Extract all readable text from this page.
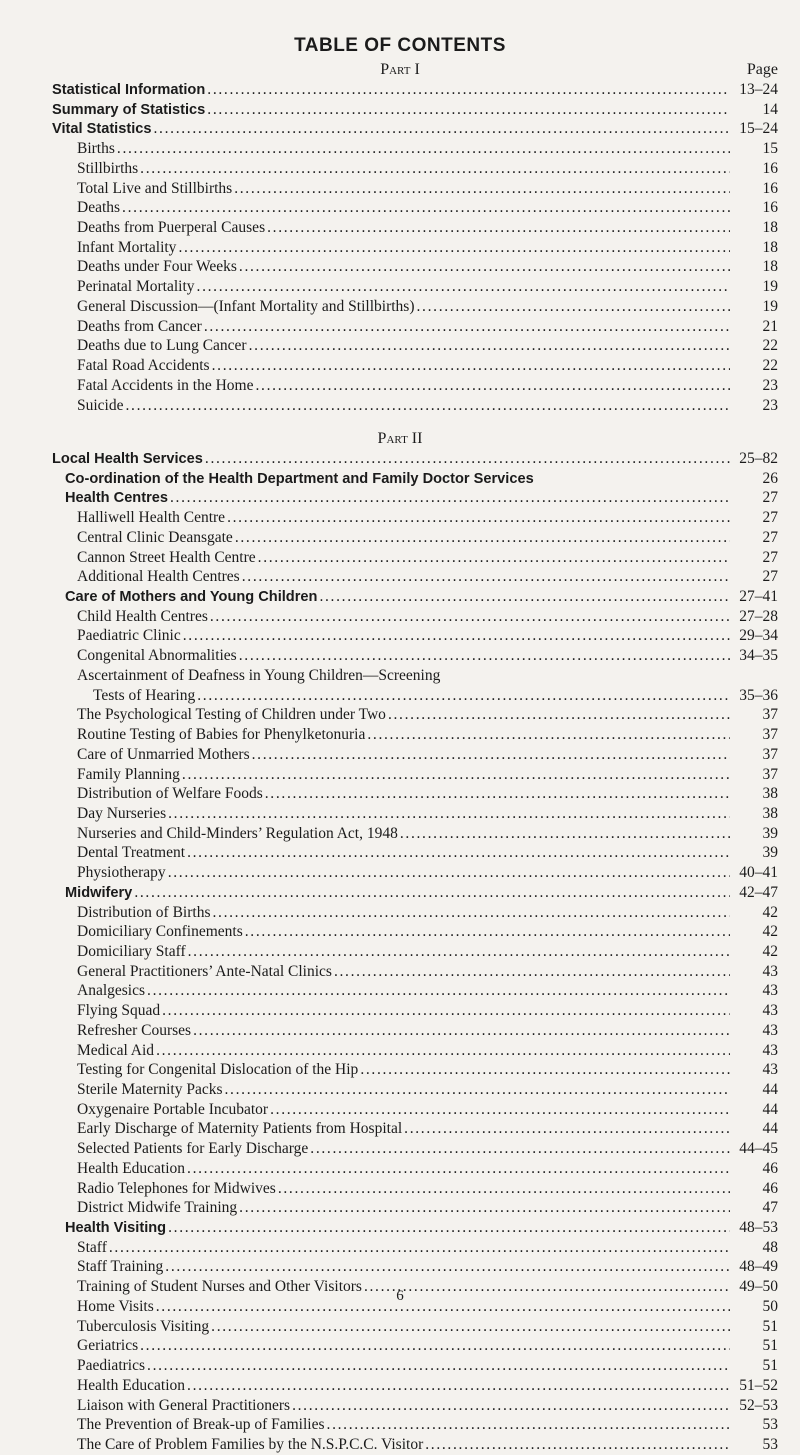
TABLE OF CONTENTS
Page
Part I
Statistical Information . . .	13–24
Summary of Statistics . . .	14
Vital Statistics . . .	15–24
Births . . .	15
Stillbirths . . .	16
Total Live and Stillbirths . . .	16
Deaths . . .	16
Deaths from Puerperal Causes . . .	18
Infant Mortality . . .	18
Deaths under Four Weeks . . .	18
Perinatal Mortality . . .	19
General Discussion—(Infant Mortality and Stillbirths) . . .	19
Deaths from Cancer . . .	21
Deaths due to Lung Cancer . . .	22
Fatal Road Accidents . . .	22
Fatal Accidents in the Home . . .	23
Suicide . . .	23
Part II
Local Health Services . . .	25–82
Co-ordination of the Health Department and Family Doctor Services	26
Health Centres . . .	27
Halliwell Health Centre . . .	27
Central Clinic Deansgate . . .	27
Cannon Street Health Centre . . .	27
Additional Health Centres . . .	27
Care of Mothers and Young Children . . .	27–41
Child Health Centres . . .	27–28
Paediatric Clinic . . .	29–34
Congenital Abnormalities . . .	34–35
Ascertainment of Deafness in Young Children—Screening
Tests of Hearing . . .	35–36
The Psychological Testing of Children under Two . . .	37
Routine Testing of Babies for Phenylketonuria . . .	37
Care of Unmarried Mothers . . .	37
Family Planning . . .	37
Distribution of Welfare Foods . . .	38
Day Nurseries . . .	38
Nurseries and Child-Minders’ Regulation Act, 1948 . . .	39
Dental Treatment . . .	39
Physiotherapy . . .	40–41
Midwifery . . .	42–47
Distribution of Births . . .	42
Domiciliary Confinements . . .	42
Domiciliary Staff . . .	42
General Practitioners’ Ante-Natal Clinics . . .	43
Analgesics . . .	43
Flying Squad . . .	43
Refresher Courses . . .	43
Medical Aid . . .	43
Testing for Congenital Dislocation of the Hip . . .	43
Sterile Maternity Packs . . .	44
Oxygenaire Portable Incubator . . .	44
Early Discharge of Maternity Patients from Hospital . . .	44
Selected Patients for Early Discharge . . .	44–45
Health Education . . .	46
Radio Telephones for Midwives . . .	46
District Midwife Training . . .	47
Health Visiting . . .	48–53
Staff . . .	48
Staff Training . . .	48–49
Training of Student Nurses and Other Visitors . . .	49–50
Home Visits . . .	50
Tuberculosis Visiting . . .	51
Geriatrics . . .	51
Paediatrics . . .	51
Health Education . . .	51–52
Liaison with General Practitioners . . .	52–53
The Prevention of Break-up of Families . . .	53
The Care of Problem Families by the N.S.P.C.C. Visitor . . .	53
6
